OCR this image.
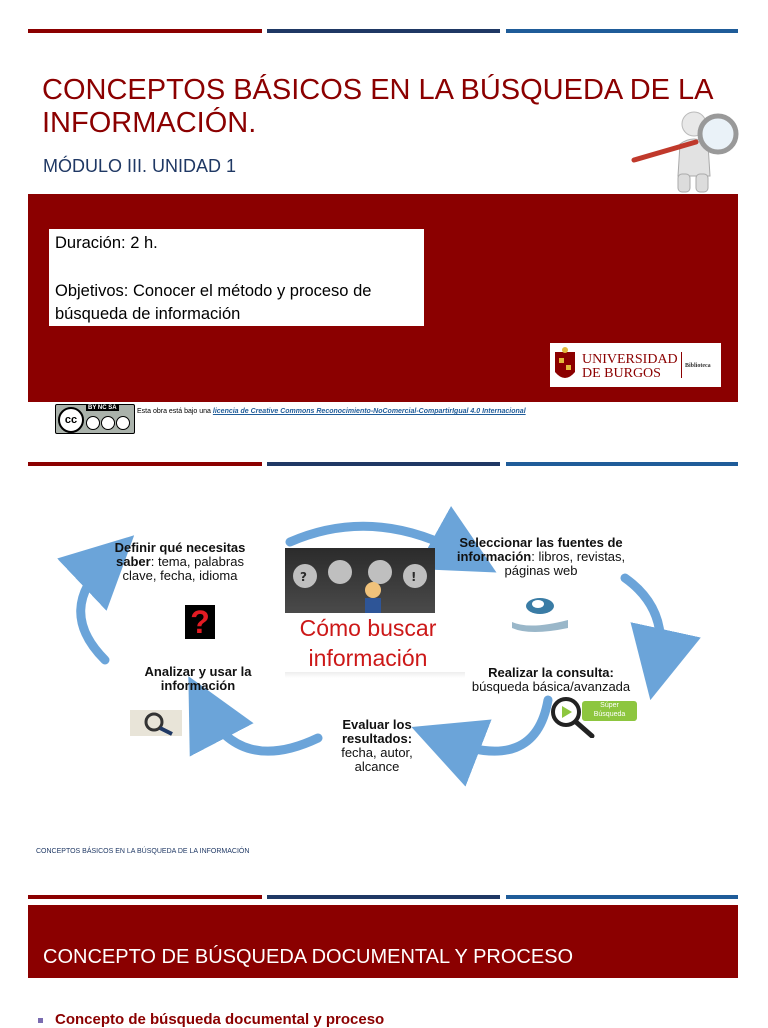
CONCEPTOS BÁSICOS EN LA BÚSQUEDA DE LA INFORMACIÓN.
MÓDULO III. UNIDAD 1
Duración: 2 h.
Objetivos: Conocer el método y proceso de búsqueda de información
UNIVERSIDAD
DE BURGOS	Biblioteca
cc
BY NC SA	Esta obra está bajo una licencia de Creative Commons Reconocimiento-NoComercial-CompartirIgual 4.0 Internacional
?	!
Cómo buscar
información
Definir qué necesitas saber: tema, palabras clave, fecha, idioma
Seleccionar las fuentes de información: libros, revistas, páginas web
Realizar la consulta:
búsqueda básica/avanzada
Evaluar los resultados:
fecha, autor, alcance
Analizar y usar la información
?
Súper
Búsqueda
CONCEPTOS BÁSICOS EN LA BÚSQUEDA DE LA INFORMACIÓN
CONCEPTO DE BÚSQUEDA DOCUMENTAL Y PROCESO
Concepto de búsqueda documental y proceso
